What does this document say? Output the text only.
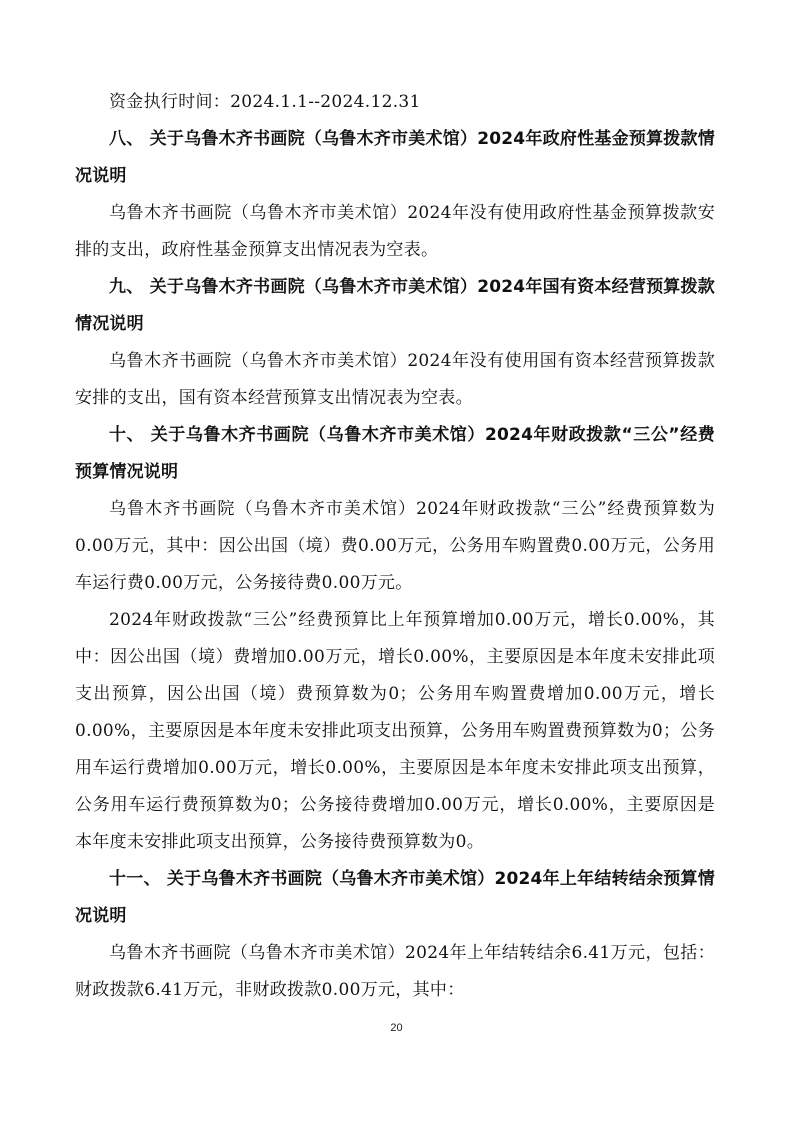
资金执行时间：2024.1.1--2024.12.31

八、 关于乌鲁木齐书画院（乌鲁木齐市美术馆）2024年政府性基金预算拨款情况说明

乌鲁木齐书画院（乌鲁木齐市美术馆）2024年没有使用政府性基金预算拨款安排的支出，政府性基金预算支出情况表为空表。

九、 关于乌鲁木齐书画院（乌鲁木齐市美术馆）2024年国有资本经营预算拨款情况说明

乌鲁木齐书画院（乌鲁木齐市美术馆）2024年没有使用国有资本经营预算拨款安排的支出，国有资本经营预算支出情况表为空表。

十、 关于乌鲁木齐书画院（乌鲁木齐市美术馆）2024年财政拨款“三公”经费预算情况说明

乌鲁木齐书画院（乌鲁木齐市美术馆）2024年财政拨款“三公”经费预算数为0.00万元，其中：因公出国（境）费0.00万元，公务用车购置费0.00万元，公务用车运行费0.00万元，公务接待费0.00万元。

2024年财政拨款“三公”经费预算比上年预算增加0.00万元，增长0.00%，其中：因公出国（境）费增加0.00万元，增长0.00%，主要原因是本年度未安排此项支出预算，因公出国（境）费预算数为0；公务用车购置费增加0.00万元，增长0.00%，主要原因是本年度未安排此项支出预算，公务用车购置费预算数为0；公务用车运行费增加0.00万元，增长0.00%，主要原因是本年度未安排此项支出预算，公务用车运行费预算数为0；公务接待费增加0.00万元，增长0.00%，主要原因是本年度未安排此项支出预算，公务接待费预算数为0。

十一、 关于乌鲁木齐书画院（乌鲁木齐市美术馆）2024年上年结转结余预算情况说明

乌鲁木齐书画院（乌鲁木齐市美术馆）2024年上年结转结余6.41万元，包括：财政拨款6.41万元，非财政拨款0.00万元，其中：

20
